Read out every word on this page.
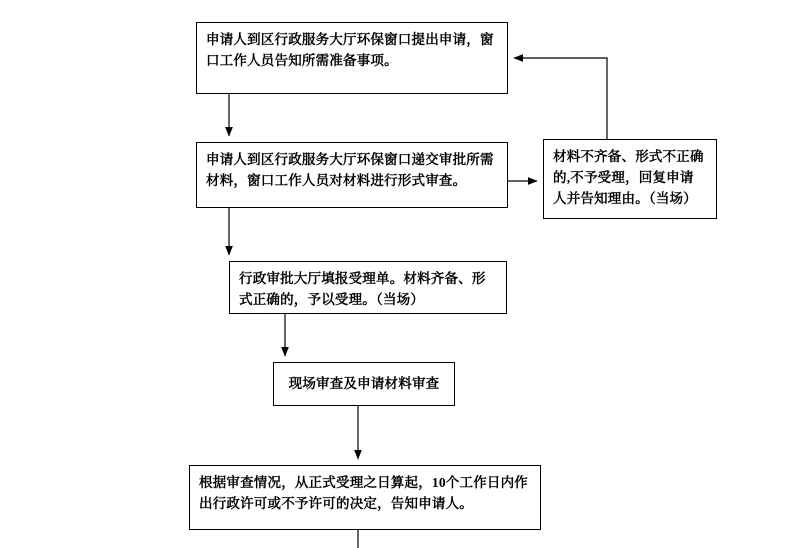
申请人到区行政服务大厅环保窗口提出申请，窗口工作人员告知所需准备事项。
申请人到区行政服务大厅环保窗口递交审批所需材料，窗口工作人员对材料进行形式审查。
材料不齐备、形式不正确的,不予受理，回复申请人并告知理由。（当场）
行政审批大厅填报受理单。材料齐备、形式正确的，予以受理。（当场）
现场审查及申请材料审查
根据审查情况，从正式受理之日算起，10个工作日内作出行政许可或不予许可的决定，告知申请人。
